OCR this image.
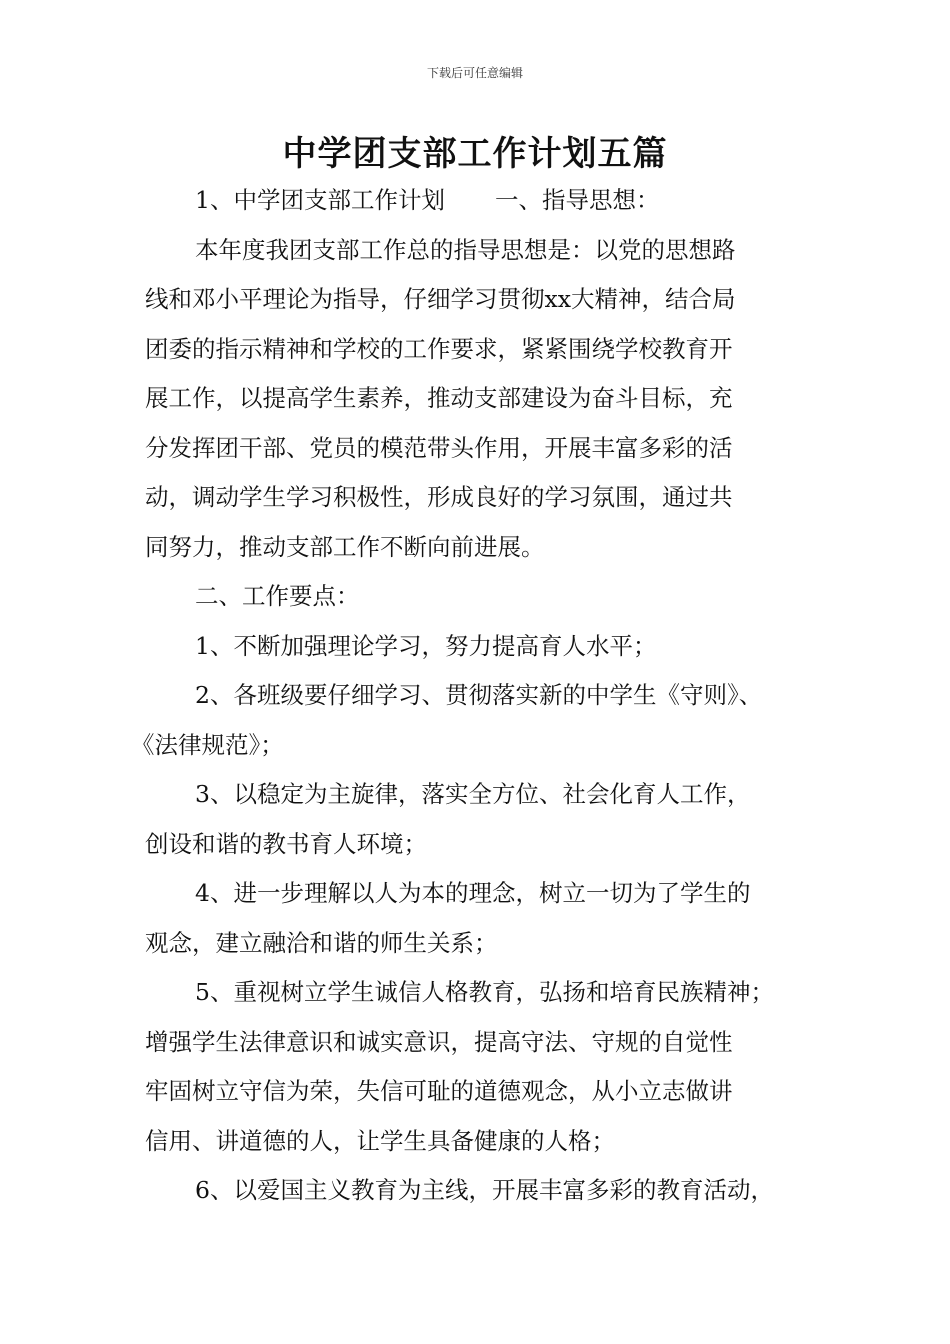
下载后可任意编辑
中学团支部工作计划五篇

1、中学团支部工作计划 一、指导思想：

本年度我团支部工作总的指导思想是：以党的思想路

线和邓小平理论为指导，仔细学习贯彻xx大精神，结合局

团委的指示精神和学校的工作要求，紧紧围绕学校教育开

展工作，以提高学生素养，推动支部建设为奋斗目标，充

分发挥团干部、党员的模范带头作用，开展丰富多彩的活

动，调动学生学习积极性，形成良好的学习氛围，通过共

同努力，推动支部工作不断向前进展。

二、工作要点：

1、不断加强理论学习，努力提高育人水平；

2、各班级要仔细学习、贯彻落实新的中学生《守则》、

《法律规范》；

3、以稳定为主旋律，落实全方位、社会化育人工作，

创设和谐的教书育人环境；

4、进一步理解以人为本的理念，树立一切为了学生的

观念，建立融洽和谐的师生关系；

5、重视树立学生诚信人格教育，弘扬和培育民族精神；

增强学生法律意识和诚实意识，提高守法、守规的自觉性

牢固树立守信为荣，失信可耻的道德观念，从小立志做讲

信用、讲道德的人，让学生具备健康的人格；

6、以爱国主义教育为主线，开展丰富多彩的教育活动，
